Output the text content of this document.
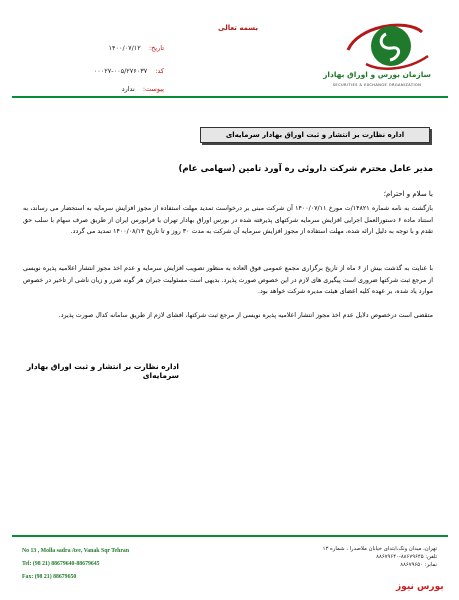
بسمه تعالی
تاریخ: ۱۴۰۰/۰۷/۱۲
کد: ۰۰۵/۲۷۶۰۳۷-۰۰۰۲۷
پیوست: ندارد
سازمان بورس و اوراق بهادار
SECURITIES & EXCHANGE ORGANIZATION
اداره نظارت بر انتشار و ثبت اوراق بهادار سرمایه‌ای
مدیر عامل محترم شرکت داروئی ره آورد تامین (سهامی عام)
با سلام و احترام؛
بازگشت به نامه شماره ۱۴۸۲۱/ت مورخ ۱۴۰۰/۰۷/۱۱ آن شرکت مبنی بر درخواست تمدید مهلت استفاده از مجوز افزایش سرمایه به استحضار می رساند، به استناد ماده ۶ دستورالعمل اجرایی افزایش سرمایه شرکتهای پذیرفته شده در بورس اوراق بهادار تهران یا فرابورس ایران از طریق صرف سهام با سلب حق تقدم و با توجه به دلیل ارائه شده، مهلت استفاده از مجوز افزایش سرمایه آن شرکت به مدت ۳۰ روز و تا تاریخ ۱۴۰۰/۰۸/۱۴ تمدید می گردد.
با عنایت به گذشت بیش از ۶ ماه از تاریخ برگزاری مجمع عمومی فوق العاده به منظور تصویب افزایش سرمایه و عدم اخذ مجوز انتشار اعلامیه پذیره نویسی از مرجع ثبت شرکتها ضروری است پیگیری های لازم در این خصوص صورت پذیرد. بدیهی است مسئولیت جبران هر گونه ضرر و زیان ناشی از تاخیر در خصوص موارد یاد شده، بر عهده کلیه اعضای هیئت مدیره شرکت خواهد بود.
متقضی است درخصوص دلایل عدم اخذ مجوز انتشار اعلامیه پذیره نویسی از مرجع ثبت شرکتها، افشای لازم از طریق سامانه کدال صورت پذیرد.
اداره نظارت بر انتشار و ثبت اوراق بهادار سرمایه‌ای
No 13 , Molla sadra Ave, Vanak Sqr Tehran
Tel: (98 21) 88679640-88679645
Fax: (98 21) 88679650
تهران، میدان ونک،ابتدای خیابان ملاصدرا ، شماره ۱۳
تلفن: ۸۸۶۷۹۶۴۵-۸۸۶۷۹۶۴۰
نمابر: ۸۸۶۷۹۶۵۰
بورس نیوز
